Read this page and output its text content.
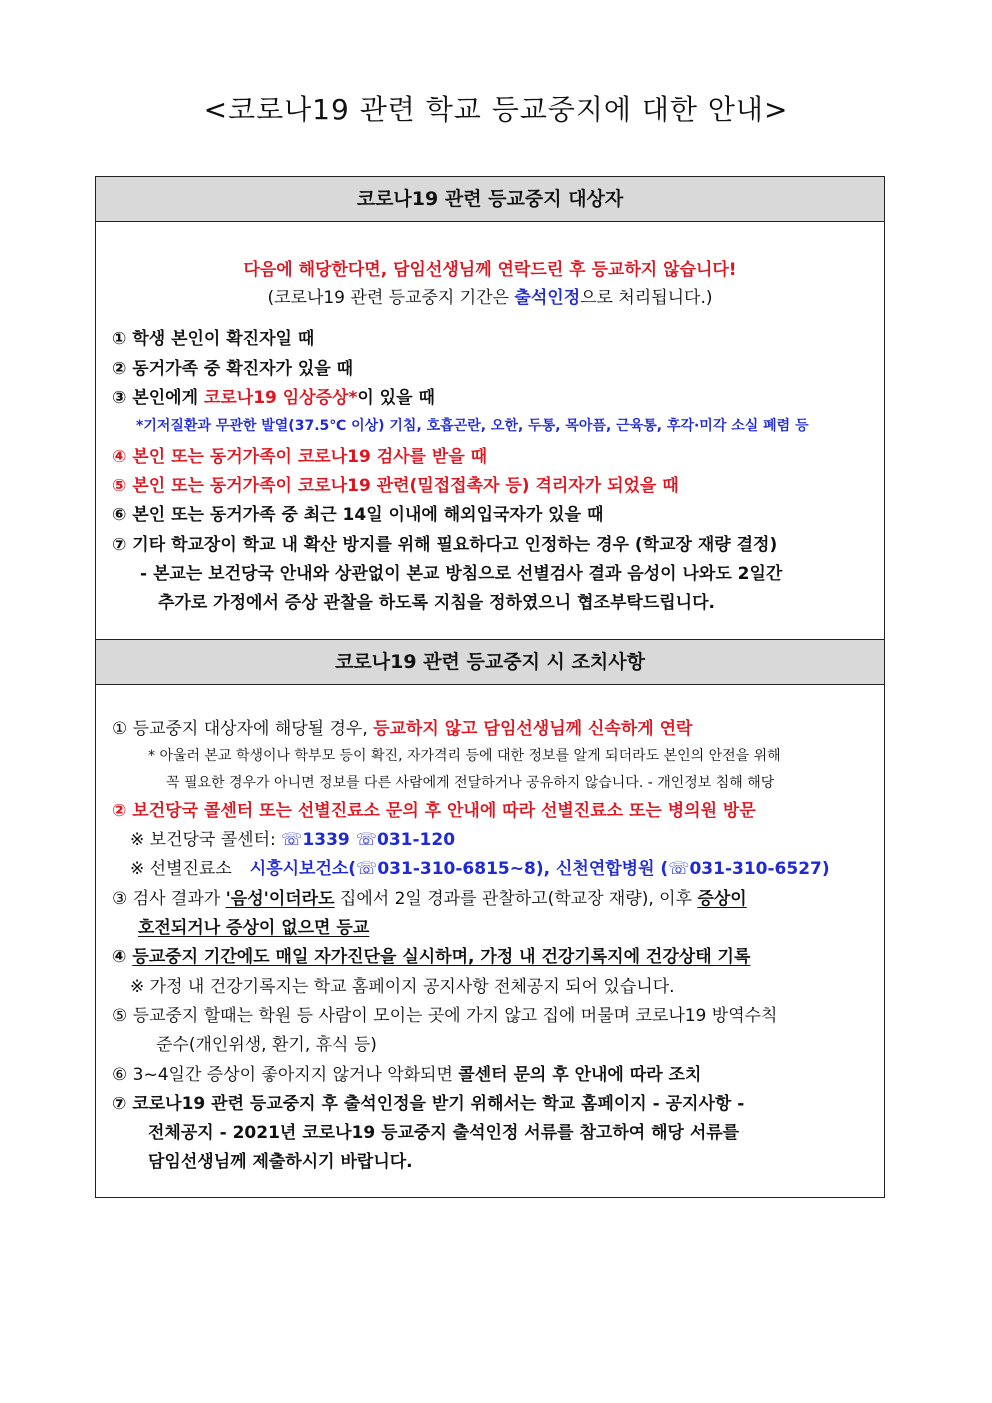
<코로나19 관련 학교 등교중지에 대한 안내>
코로나19 관련 등교중지 대상자
다음에 해당한다면, 담임선생님께 연락드린 후 등교하지 않습니다!
(코로나19 관련 등교중지 기간은 출석인정으로 처리됩니다.)
① 학생 본인이 확진자일 때
② 동거가족 중 확진자가 있을 때
③ 본인에게 코로나19 임상증상*이 있을 때
*기저질환과 무관한 발열(37.5℃ 이상) 기침, 호흡곤란, 오한, 두통, 목아픔, 근육통, 후각·미각 소실 폐렴 등
④ 본인 또는 동거가족이 코로나19 검사를 받을 때
⑤ 본인 또는 동거가족이 코로나19 관련(밀접접촉자 등) 격리자가 되었을 때
⑥ 본인 또는 동거가족 중 최근 14일 이내에 해외입국자가 있을 때
⑦ 기타 학교장이 학교 내 확산 방지를 위해 필요하다고 인정하는 경우 (학교장 재량 결정)
- 본교는 보건당국 안내와 상관없이 본교 방침으로 선별검사 결과 음성이 나와도 2일간
추가로 가정에서 증상 관찰을 하도록 지침을 정하였으니 협조부탁드립니다.
코로나19 관련 등교중지 시 조치사항
① 등교중지 대상자에 해당될 경우, 등교하지 않고 담임선생님께 신속하게 연락
* 아울러 본교 학생이나 학부모 등이 확진, 자가격리 등에 대한 정보를 알게 되더라도 본인의 안전을 위해
꼭 필요한 경우가 아니면 정보를 다른 사람에게 전달하거나 공유하지 않습니다. - 개인정보 침해 해당
② 보건당국 콜센터 또는 선별진료소 문의 후 안내에 따라 선별진료소 또는 병의원 방문
※ 보건당국 콜센터: ☏1339 ☏031-120
※ 선별진료소 시흥시보건소(☏031-310-6815~8), 신천연합병원 (☏031-310-6527)
③ 검사 결과가 '음성'이더라도 집에서 2일 경과를 관찰하고(학교장 재량), 이후 증상이
호전되거나 증상이 없으면 등교
④ 등교중지 기간에도 매일 자가진단을 실시하며, 가정 내 건강기록지에 건강상태 기록
※ 가정 내 건강기록지는 학교 홈페이지 공지사항 전체공지 되어 있습니다.
⑤ 등교중지 할때는 학원 등 사람이 모이는 곳에 가지 않고 집에 머물며 코로나19 방역수칙
준수(개인위생, 환기, 휴식 등)
⑥ 3~4일간 증상이 좋아지지 않거나 악화되면 콜센터 문의 후 안내에 따라 조치
⑦ 코로나19 관련 등교중지 후 출석인정을 받기 위해서는 학교 홈페이지 - 공지사항 -
전체공지 - 2021년 코로나19 등교중지 출석인정 서류를 참고하여 해당 서류를
담임선생님께 제출하시기 바랍니다.
